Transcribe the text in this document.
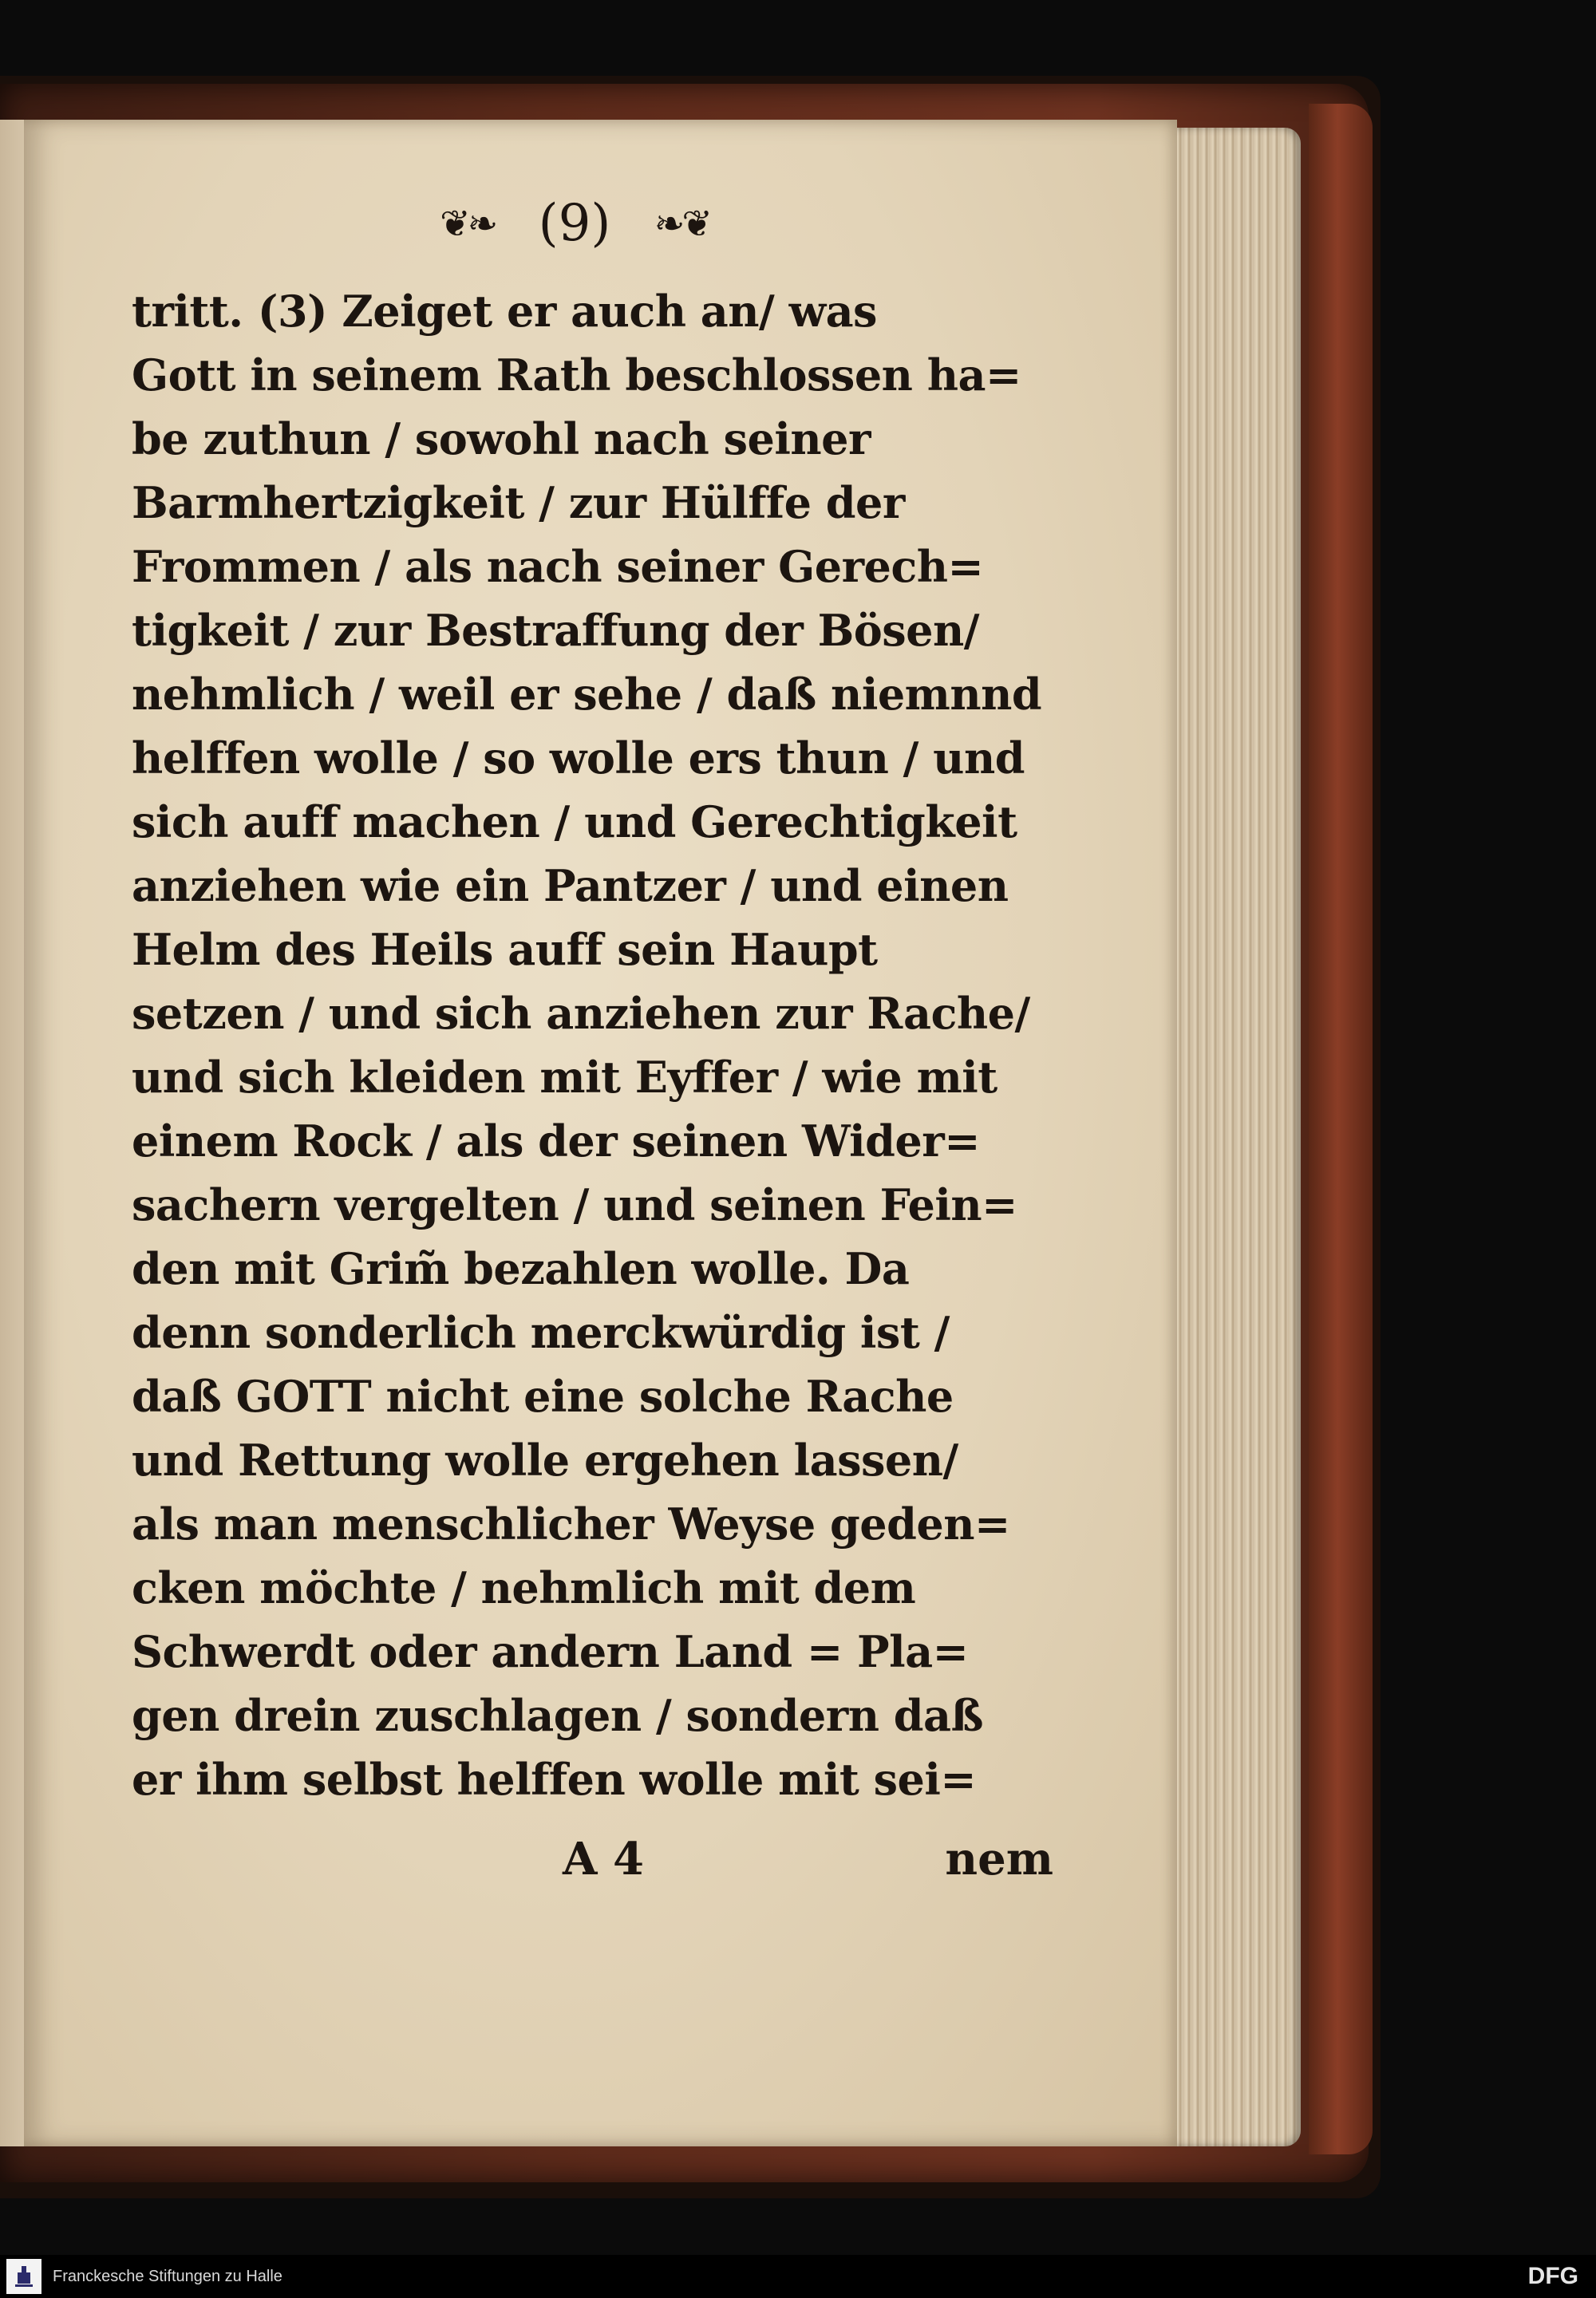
❦❧ (9)	❧❦
tritt. (3) Zeiget er auch an/ was
Gott in seinem Rath beschlossen ha=
be zuthun / sowohl nach seiner
Barmhertzigkeit / zur Hülffe der
Frommen / als nach seiner Gerech=
tigkeit / zur Bestraffung der Bösen/
nehmlich / weil er sehe / daß niemnnd
helffen wolle / so wolle ers thun / und
sich auff machen / und Gerechtigkeit
anziehen wie ein Pantzer / und einen
Helm des Heils auff sein Haupt
setzen / und sich anziehen zur Rache/
und sich kleiden mit Eyffer / wie mit
einem Rock / als der seinen Wider=
sachern vergelten / und seinen Fein=
den mit Grim̃ bezahlen wolle. Da
denn sonderlich merckwürdig ist /
daß GOTT nicht eine solche Rache
und Rettung wolle ergehen lassen/
als man menschlicher Weyse geden=
cken möchte / nehmlich mit dem
Schwerdt oder andern Land = Pla=
gen drein zuschlagen / sondern daß
er ihm selbst helffen wolle mit sei=
A 4	nem
Franckesche Stiftungen zu Halle	DFG
